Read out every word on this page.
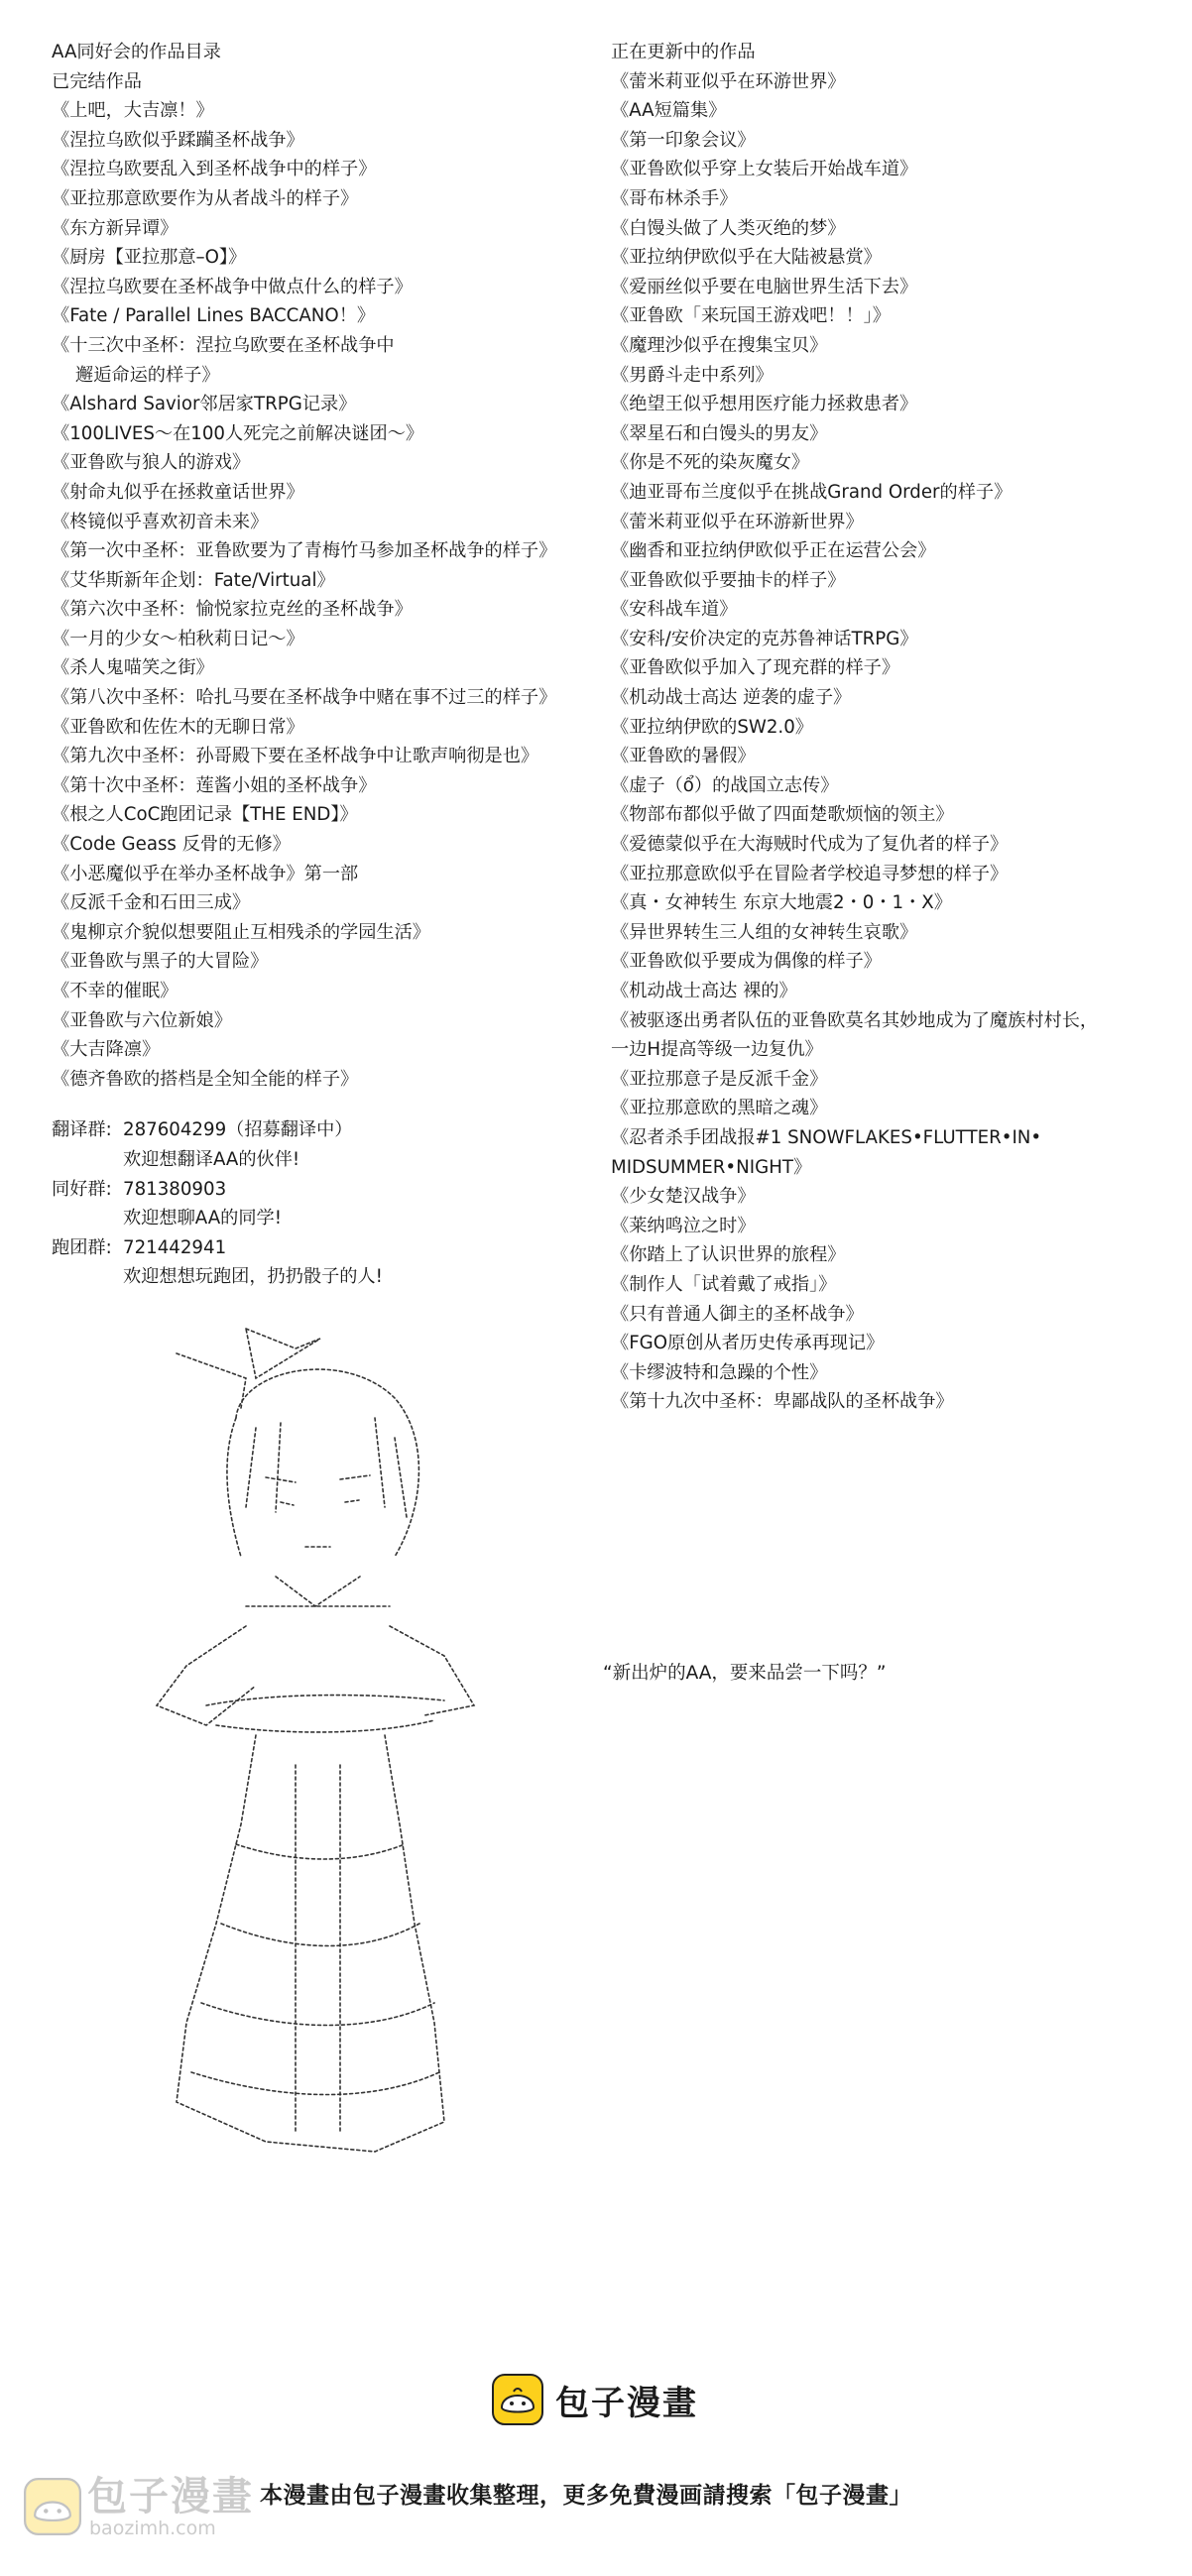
AA同好会的作品目录
已完结作品
《上吧，大吉凛！》
《涅拉乌欧似乎蹂躏圣杯战争》
《涅拉乌欧要乱入到圣杯战争中的样子》
《亚拉那意欧要作为从者战斗的样子》
《东方新异谭》
《厨房【亚拉那意–O】》
《涅拉乌欧要在圣杯战争中做点什么的样子》
《Fate / Parallel Lines BACCANO！》
《十三次中圣杯：涅拉乌欧要在圣杯战争中
邂逅命运的样子》
《Alshard Savior邻居家TRPG记录》
《100LIVES～在100人死完之前解决谜团～》
《亚鲁欧与狼人的游戏》
《射命丸似乎在拯救童话世界》
《柊镜似乎喜欢初音未来》
《第一次中圣杯：亚鲁欧要为了青梅竹马参加圣杯战争的样子》
《艾华斯新年企划：Fate/Virtual》
《第六次中圣杯：愉悦家拉克丝的圣杯战争》
《一月的少女～柏秋莉日记～》
《杀人鬼喵笑之街》
《第八次中圣杯：哈扎马要在圣杯战争中赌在事不过三的样子》
《亚鲁欧和佐佐木的无聊日常》
《第九次中圣杯：孙哥殿下要在圣杯战争中让歌声响彻是也》
《第十次中圣杯：莲酱小姐的圣杯战争》
《根之人CoC跑团记录【THE END】》
《Code Geass 反骨的无修》
《小恶魔似乎在举办圣杯战争》第一部
《反派千金和石田三成》
《鬼柳京介貌似想要阻止互相残杀的学园生活》
《亚鲁欧与黑子的大冒险》
《不幸的催眠》
《亚鲁欧与六位新娘》
《大吉降凛》
《德齐鲁欧的搭档是全知全能的样子》
翻译群: 287604299（招募翻译中）
欢迎想翻译AA的伙伴!
同好群: 781380903
欢迎想聊AA的同学!
跑团群: 721442941
欢迎想想玩跑团，扔扔骰子的人!
正在更新中的作品
《蕾米莉亚似乎在环游世界》
《AA短篇集》
《第一印象会议》
《亚鲁欧似乎穿上女装后开始战车道》
《哥布林杀手》
《白馒头做了人类灭绝的梦》
《亚拉纳伊欧似乎在大陆被悬赏》
《爱丽丝似乎要在电脑世界生活下去》
《亚鲁欧「来玩国王游戏吧！！」》
《魔理沙似乎在搜集宝贝》
《男爵斗走中系列》
《绝望王似乎想用医疗能力拯救患者》
《翠星石和白馒头的男友》
《你是不死的染灰魔女》
《迪亚哥布兰度似乎在挑战Grand Order的样子》
《蕾米莉亚似乎在环游新世界》
《幽香和亚拉纳伊欧似乎正在运营公会》
《亚鲁欧似乎要抽卡的样子》
《安科战车道》
《安科/安价决定的克苏鲁神话TRPG》
《亚鲁欧似乎加入了现充群的样子》
《机动战士高达 逆袭的虚子》
《亚拉纳伊欧的SW2.0》
《亚鲁欧的暑假》
《虚子（ổ）的战国立志传》
《物部布都似乎做了四面楚歌烦恼的领主》
《爱德蒙似乎在大海贼时代成为了复仇者的样子》
《亚拉那意欧似乎在冒险者学校追寻梦想的样子》
《真・女神转生 东京大地震2・0・1・X》
《异世界转生三人组的女神转生哀歌》
《亚鲁欧似乎要成为偶像的样子》
《机动战士高达 裸的》
《被驱逐出勇者队伍的亚鲁欧莫名其妙地成为了魔族村村长，
一边H提高等级一边复仇》
《亚拉那意子是反派千金》
《亚拉那意欧的黑暗之魂》
《忍者杀手团战报#1 SNOWFLAKES•FLUTTER•IN•
MIDSUMMER•NIGHT》
《少女楚汉战争》
《莱纳鸣泣之时》
《你踏上了认识世界的旅程》
《制作人「试着戴了戒指」》
《只有普通人御主的圣杯战争》
《FGO原创从者历史传承再现记》
《卡缪波特和急躁的个性》
《第十九次中圣杯：卑鄙战队的圣杯战争》
“新出炉的AA，要来品尝一下吗？”
包子漫畫
本漫畫由包子漫畫收集整理，更多免費漫画請搜索「包子漫畫」
包子漫畫
baozimh.com
